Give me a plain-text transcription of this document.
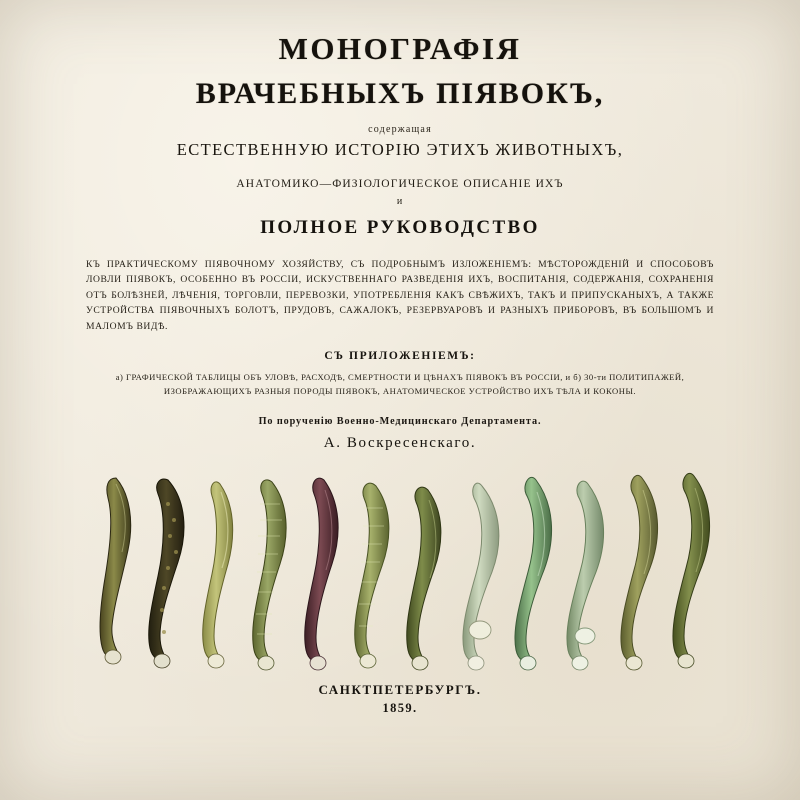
МОНОГРАФІЯ
ВРАЧЕБНЫХЪ ПІЯВОКЪ,
содержащая
ЕСТЕСТВЕННУЮ ИСТОРІЮ ЭТИХЪ ЖИВОТНЫХЪ,
АНАТОМИКО—ФИЗІОЛОГИЧЕСКОЕ ОПИСАНІЕ ИХЪ
и
ПОЛНОЕ РУКОВОДСТВО
КЪ ПРАКТИЧЕСКОМУ ПІЯВОЧНОМУ ХОЗЯЙСТВУ, СЪ ПОДРОБНЫМЪ ИЗЛОЖЕНІЕМЪ: МѢСТОРОЖДЕНІЙ И СПОСОБОВЪ ЛОВЛИ ПІЯВОКЪ, ОСОБЕННО ВЪ РОССІИ, ИСКУСТВЕННАГО РАЗВЕДЕНІЯ ИХЪ, ВОСПИТАНІЯ, СОДЕРЖАНІЯ, СОХРАНЕНІЯ ОТЪ БОЛѢЗНЕЙ, ЛѢЧЕНІЯ, ТОРГОВЛИ, ПЕРЕВОЗКИ, УПОТРЕБЛЕНІЯ КАКЪ СВѢЖИХЪ, ТАКЪ И ПРИПУСКАНЫХЪ, А ТАКЖЕ УСТРОЙСТВА ПІЯВОЧНЫХЪ БОЛОТЪ, ПРУДОВЪ, САЖАЛОКЪ, РЕЗЕРВУАРОВЪ И РАЗНЫХЪ ПРИБОРОВЪ, ВЪ БОЛЬШОМЪ И МАЛОМЪ ВИДѢ.
СЪ ПРИЛОЖЕНІЕМЪ:
а) ГРАФИЧЕСКОЙ ТАБЛИЦЫ ОБЪ УЛОВѢ, РАСХОДѢ, СМЕРТНОСТИ И ЦѢНАХЪ ПІЯВОКЪ ВЪ РОССІИ, и б) 30-ти ПОЛИТИПАЖЕЙ, ИЗОБРАЖАЮЩИХЪ РАЗНЫЯ ПОРОДЫ ПІЯВОКЪ, АНАТОМИЧЕСКОЕ УСТРОЙСТВО ИХЪ ТѢЛА И КОКОНЫ.
По порученію Военно-Медицинскаго Департамента.
А. Воскресенскаго.
САНКТПЕТЕРБУРГЪ.
1859.
